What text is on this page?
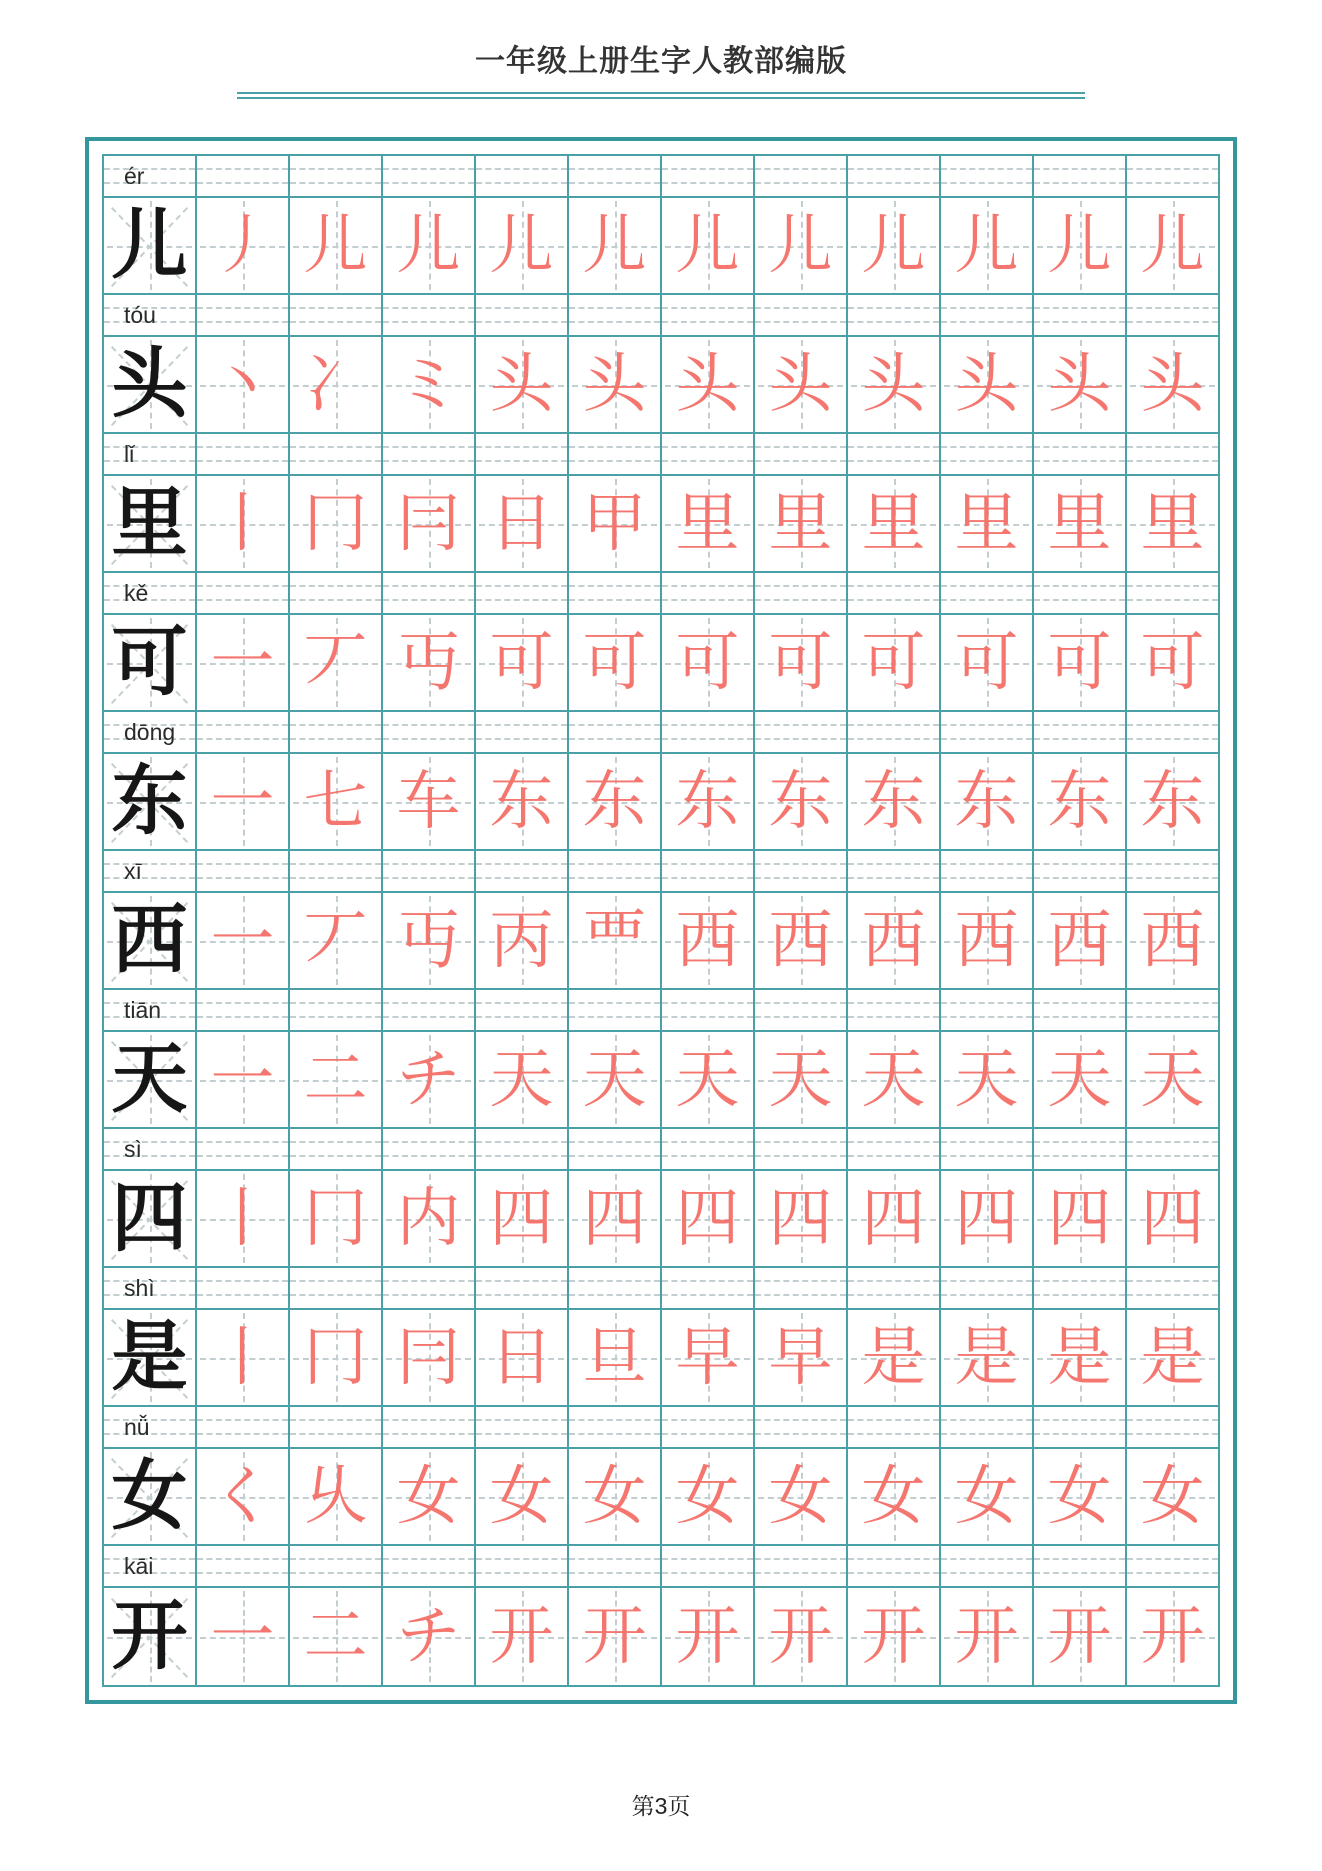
一年级上册生字人教部编版
ér
儿 丿 儿 儿 儿 儿 儿 儿 儿 儿 儿 儿
tóu
头 丶 冫 ミ 头 头 头 头 头 头 头 头
lǐ
里 丨 冂 冃 日 甲 里 里 里 里 里 里
kě
可 一 丆 丏 可 可 可 可 可 可 可 可
dōng
东 一 七 车 东 东 东 东 东 东 东 东
xī
西 一 丆 丏 丙 覀 西 西 西 西 西 西
tiān
天 一 二 チ 天 天 天 天 天 天 天 天
sì
四 丨 冂 内 四 四 四 四 四 四 四 四
shì
是 丨 冂 冃 日 旦 早 早 是 是 是 是
nǚ
女 く 乆 女 女 女 女 女 女 女 女 女
kāi
开 一 二 チ 开 开 开 开 开 开 开 开
第3页
